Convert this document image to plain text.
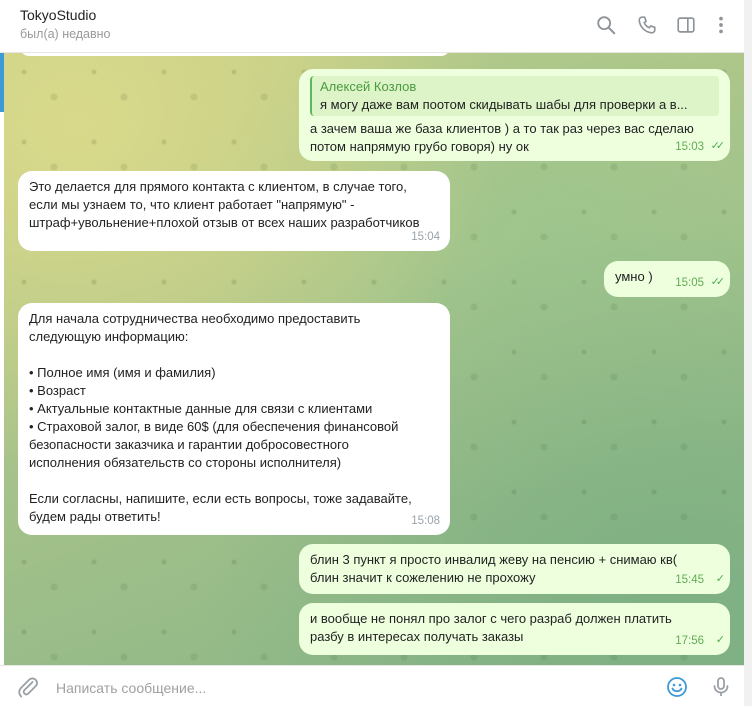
TokyoStudio
был(а) недавно
Алексей Козлов
я могу даже вам поотом скидывать шабы для проверки а в...
а зачем ваша же база клиентов ) а то так раз через вас сделаю
потом напрямую грубо говоря) ну ок	15:03 ✓✓
Это делается для прямого контакта с клиентом, в случае того,
если мы узнаем то, что клиент работает "напрямую" -
штраф+увольнение+плохой отзыв от всех наших разработчиков
15:04
умно )	15:05 ✓✓
Для начала сотрудничества необходимо предоставить
следующую информацию:

• Полное имя (имя и фамилия)
• Возраст
• Актуальные контактные данные для связи с клиентами
• Страховой залог, в виде 60$ (для обеспечения финансовой
безопасности заказчика и гарантии добросовестного
исполнения обязательств со стороны исполнителя)

Если согласны, напишите, если есть вопросы, тоже задавайте,
будем рады ответить!	15:08
блин 3 пункт я просто инвалид жеву на пенсию + снимаю кв(
блин значит к сожелению не прохожу	15:45 ✓
и вообще не понял про залог с чего разраб должен платить
разбу в интересах получать заказы	17:56 ✓
Написать сообщение...
